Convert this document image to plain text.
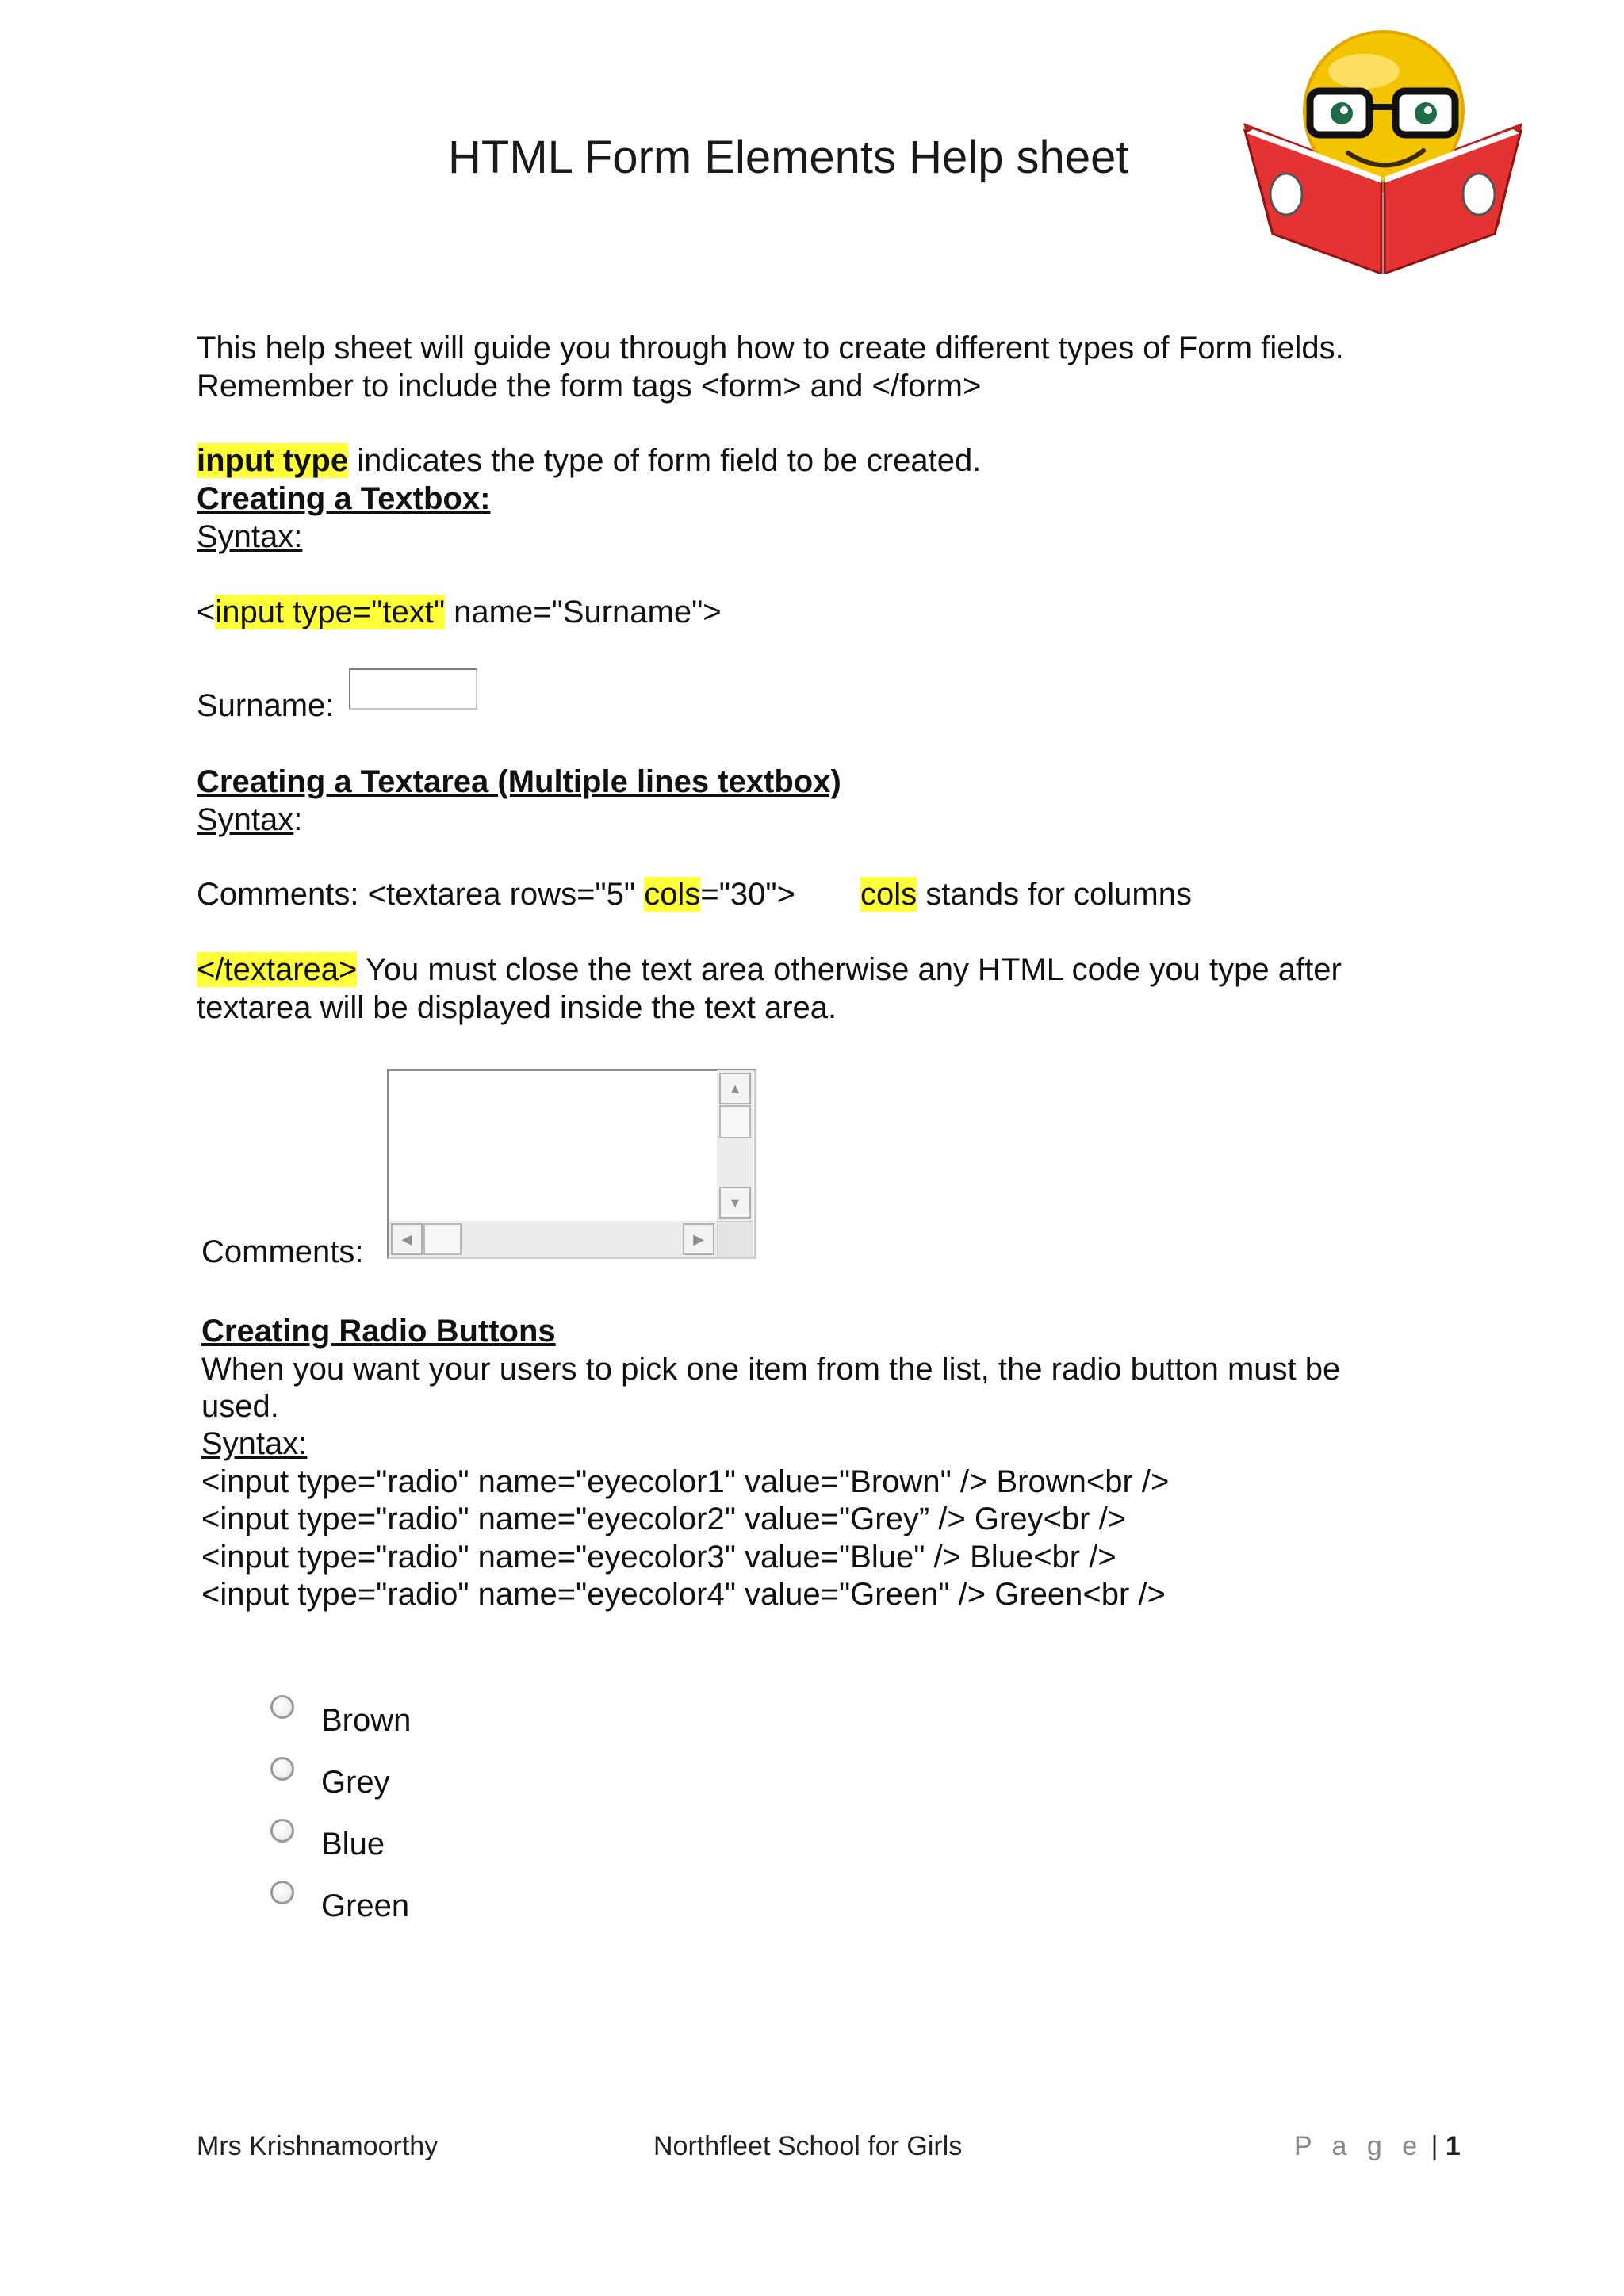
HTML Form Elements Help sheet
This help sheet will guide you through how to create different types of Form fields.
Remember to include the form tags <form> and </form>
input type indicates the type of form field to be created.
Creating a Textbox:
Syntax:
<input type="text" name="Surname">
Surname:
Creating a Textarea (Multiple lines textbox)
Syntax:
Comments: <textarea rows="5" cols="30"> cols stands for columns
</textarea> You must close the text area otherwise any HTML code you type after
textarea will be displayed inside the text area.
Comments:
▲
▼
◀	▶
Creating Radio Buttons
When you want your users to pick one item from the list, the radio button must be
used.
Syntax:
<input type="radio" name="eyecolor1" value="Brown" /> Brown<br />
<input type="radio" name="eyecolor2" value="Grey” /> Grey<br />
<input type="radio" name="eyecolor3" value="Blue" /> Blue<br />
<input type="radio" name="eyecolor4" value="Green" /> Green<br />
Brown
Grey
Blue
Green
Mrs Krishnamoorthy	Northfleet School for Girls	P a g e | 1
